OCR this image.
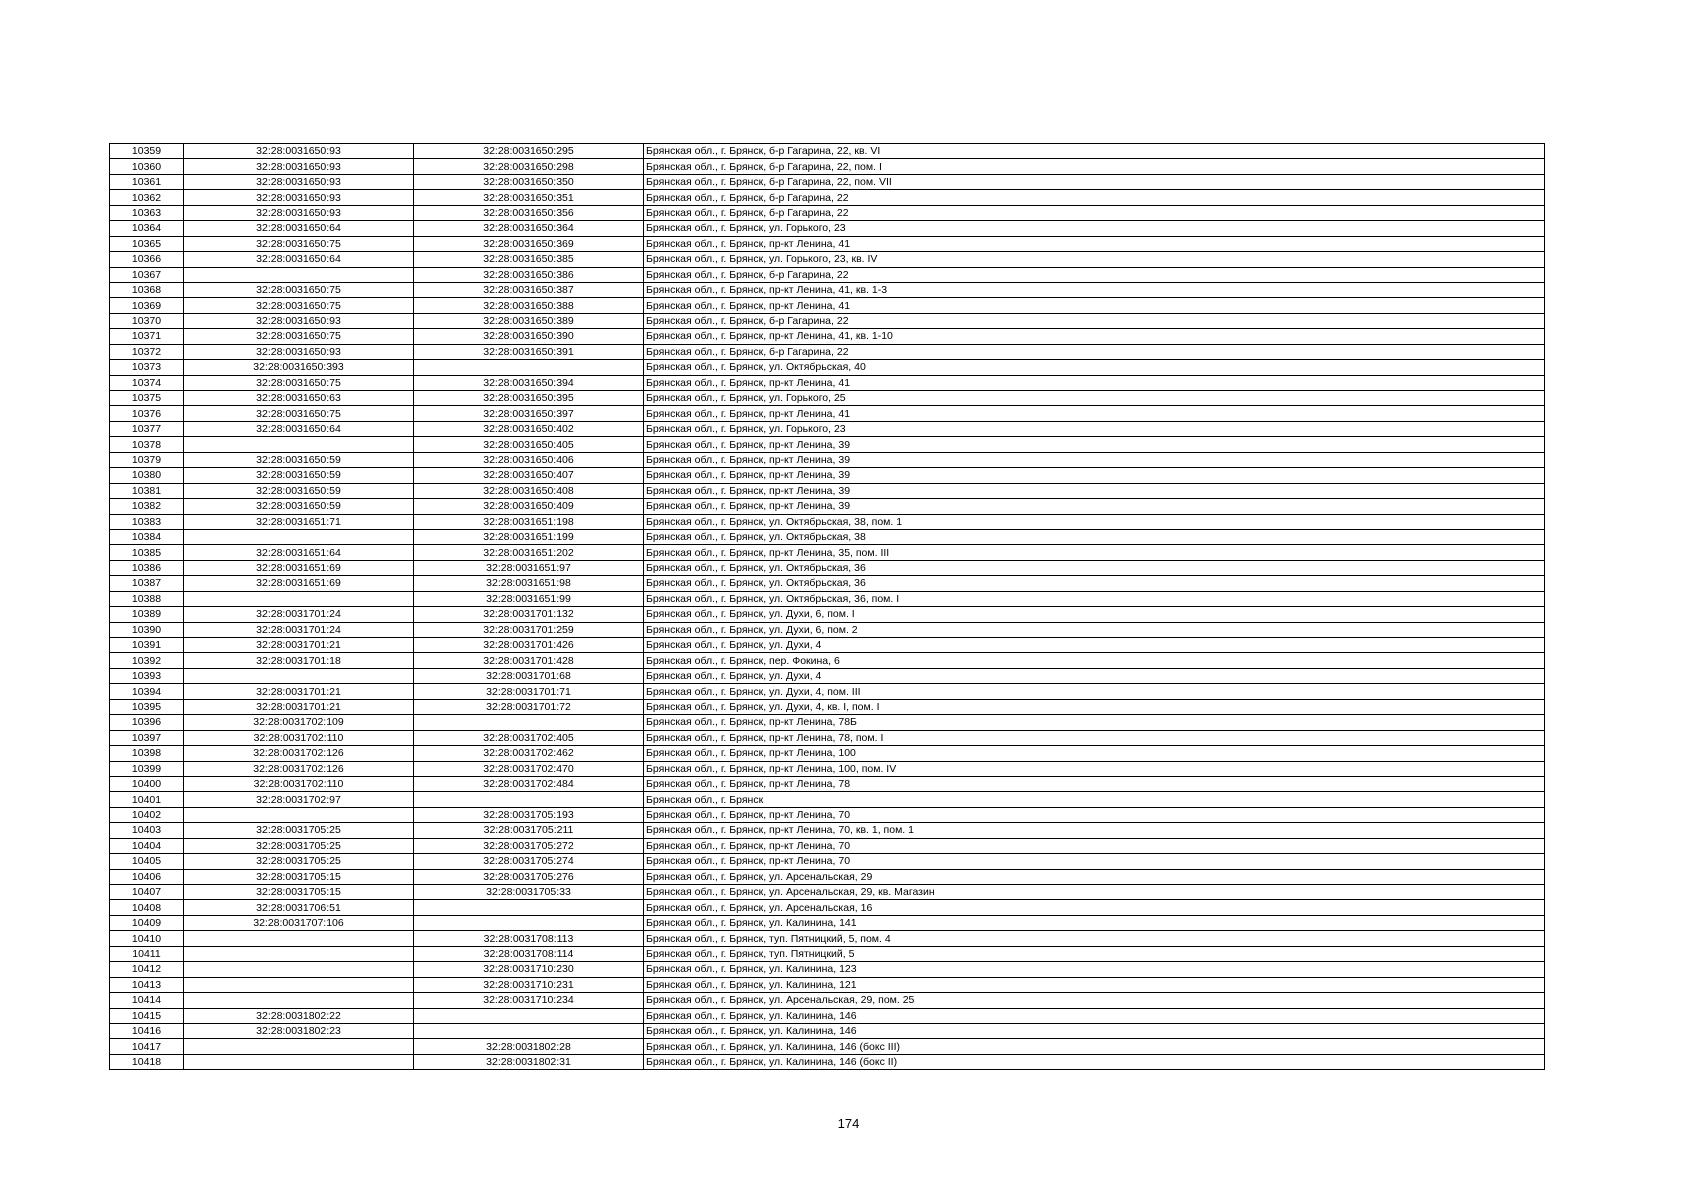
10359	32:28:0031650:93	32:28:0031650:295	Брянская обл., г. Брянск, б-р Гагарина, 22, кв. VI
10360	32:28:0031650:93	32:28:0031650:298	Брянская обл., г. Брянск, б-р Гагарина, 22, пом. I
10361	32:28:0031650:93	32:28:0031650:350	Брянская обл., г. Брянск, б-р Гагарина, 22, пом. VII
10362	32:28:0031650:93	32:28:0031650:351	Брянская обл., г. Брянск, б-р Гагарина, 22
10363	32:28:0031650:93	32:28:0031650:356	Брянская обл., г. Брянск, б-р Гагарина, 22
10364	32:28:0031650:64	32:28:0031650:364	Брянская обл., г. Брянск, ул. Горького, 23
10365	32:28:0031650:75	32:28:0031650:369	Брянская обл., г. Брянск, пр-кт Ленина, 41
10366	32:28:0031650:64	32:28:0031650:385	Брянская обл., г. Брянск, ул. Горького, 23, кв. IV
10367		32:28:0031650:386	Брянская обл., г. Брянск, б-р Гагарина, 22
10368	32:28:0031650:75	32:28:0031650:387	Брянская обл., г. Брянск, пр-кт Ленина, 41, кв. 1-3
10369	32:28:0031650:75	32:28:0031650:388	Брянская обл., г. Брянск, пр-кт Ленина, 41
10370	32:28:0031650:93	32:28:0031650:389	Брянская обл., г. Брянск, б-р Гагарина, 22
10371	32:28:0031650:75	32:28:0031650:390	Брянская обл., г. Брянск, пр-кт Ленина, 41, кв. 1-10
10372	32:28:0031650:93	32:28:0031650:391	Брянская обл., г. Брянск, б-р Гагарина, 22
10373	32:28:0031650:393		Брянская обл., г. Брянск, ул. Октябрьская, 40
10374	32:28:0031650:75	32:28:0031650:394	Брянская обл., г. Брянск, пр-кт Ленина, 41
10375	32:28:0031650:63	32:28:0031650:395	Брянская обл., г. Брянск, ул. Горького, 25
10376	32:28:0031650:75	32:28:0031650:397	Брянская обл., г. Брянск, пр-кт Ленина, 41
10377	32:28:0031650:64	32:28:0031650:402	Брянская обл., г. Брянск, ул. Горького, 23
10378		32:28:0031650:405	Брянская обл., г. Брянск, пр-кт Ленина, 39
10379	32:28:0031650:59	32:28:0031650:406	Брянская обл., г. Брянск, пр-кт Ленина, 39
10380	32:28:0031650:59	32:28:0031650:407	Брянская обл., г. Брянск, пр-кт Ленина, 39
10381	32:28:0031650:59	32:28:0031650:408	Брянская обл., г. Брянск, пр-кт Ленина, 39
10382	32:28:0031650:59	32:28:0031650:409	Брянская обл., г. Брянск, пр-кт Ленина, 39
10383	32:28:0031651:71	32:28:0031651:198	Брянская обл., г. Брянск, ул. Октябрьская, 38, пом. 1
10384		32:28:0031651:199	Брянская обл., г. Брянск, ул. Октябрьская, 38
10385	32:28:0031651:64	32:28:0031651:202	Брянская обл., г. Брянск, пр-кт Ленина, 35, пом. III
10386	32:28:0031651:69	32:28:0031651:97	Брянская обл., г. Брянск, ул. Октябрьская, 36
10387	32:28:0031651:69	32:28:0031651:98	Брянская обл., г. Брянск, ул. Октябрьская, 36
10388		32:28:0031651:99	Брянская обл., г. Брянск, ул. Октябрьская, 36, пом. I
10389	32:28:0031701:24	32:28:0031701:132	Брянская обл., г. Брянск, ул. Духи, 6, пом. I
10390	32:28:0031701:24	32:28:0031701:259	Брянская обл., г. Брянск, ул. Духи, 6, пом. 2
10391	32:28:0031701:21	32:28:0031701:426	Брянская обл., г. Брянск, ул. Духи, 4
10392	32:28:0031701:18	32:28:0031701:428	Брянская обл., г. Брянск, пер. Фокина, 6
10393		32:28:0031701:68	Брянская обл., г. Брянск, ул. Духи, 4
10394	32:28:0031701:21	32:28:0031701:71	Брянская обл., г. Брянск, ул. Духи, 4, пом. III
10395	32:28:0031701:21	32:28:0031701:72	Брянская обл., г. Брянск, ул. Духи, 4, кв. I, пом. I
10396	32:28:0031702:109		Брянская обл., г. Брянск, пр-кт Ленина, 78Б
10397	32:28:0031702:110	32:28:0031702:405	Брянская обл., г. Брянск, пр-кт Ленина, 78, пом. I
10398	32:28:0031702:126	32:28:0031702:462	Брянская обл., г. Брянск, пр-кт Ленина, 100
10399	32:28:0031702:126	32:28:0031702:470	Брянская обл., г. Брянск, пр-кт Ленина, 100, пом. IV
10400	32:28:0031702:110	32:28:0031702:484	Брянская обл., г. Брянск, пр-кт Ленина, 78
10401	32:28:0031702:97		Брянская обл., г. Брянск
10402		32:28:0031705:193	Брянская обл., г. Брянск, пр-кт Ленина, 70
10403	32:28:0031705:25	32:28:0031705:211	Брянская обл., г. Брянск, пр-кт Ленина, 70, кв. 1, пом. 1
10404	32:28:0031705:25	32:28:0031705:272	Брянская обл., г. Брянск, пр-кт Ленина, 70
10405	32:28:0031705:25	32:28:0031705:274	Брянская обл., г. Брянск, пр-кт Ленина, 70
10406	32:28:0031705:15	32:28:0031705:276	Брянская обл., г. Брянск, ул. Арсенальская, 29
10407	32:28:0031705:15	32:28:0031705:33	Брянская обл., г. Брянск, ул. Арсенальская, 29, кв. Магазин
10408	32:28:0031706:51		Брянская обл., г. Брянск, ул. Арсенальская, 16
10409	32:28:0031707:106		Брянская обл., г. Брянск, ул. Калинина, 141
10410		32:28:0031708:113	Брянская обл., г. Брянск, туп. Пятницкий, 5, пом. 4
10411		32:28:0031708:114	Брянская обл., г. Брянск, туп. Пятницкий, 5
10412		32:28:0031710:230	Брянская обл., г. Брянск, ул. Калинина, 123
10413		32:28:0031710:231	Брянская обл., г. Брянск, ул. Калинина, 121
10414		32:28:0031710:234	Брянская обл., г. Брянск, ул. Арсенальская, 29, пом. 25
10415	32:28:0031802:22		Брянская обл., г. Брянск, ул. Калинина, 146
10416	32:28:0031802:23		Брянская обл., г. Брянск, ул. Калинина, 146
10417		32:28:0031802:28	Брянская обл., г. Брянск, ул. Калинина, 146 (бокс III)
10418		32:28:0031802:31	Брянская обл., г. Брянск, ул. Калинина, 146 (бокс II)
174
